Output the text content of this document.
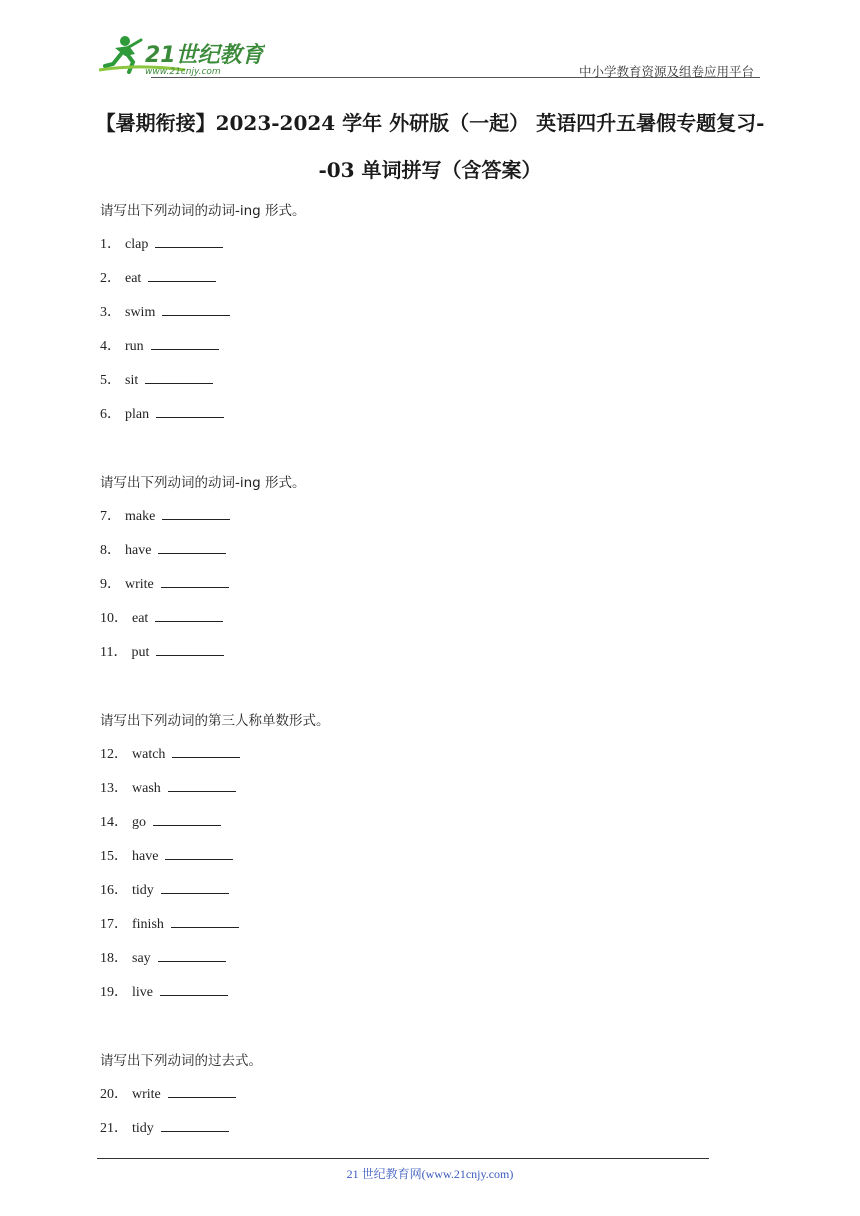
21世纪教育
www.21cnjy.com	中小学教育资源及组卷应用平台
【暑期衔接】2023-2024 学年 外研版（一起） 英语四升五暑假专题复习--03 单词拼写（含答案）
请写出下列动词的动词-ing 形式。
1． clap
2． eat
3． swim
4． run
5． sit
6． plan
请写出下列动词的动词-ing 形式。
7． make
8． have
9． write
10． eat
11． put
请写出下列动词的第三人称单数形式。
12． watch
13． wash
14． go
15． have
16． tidy
17． finish
18． say
19． live
请写出下列动词的过去式。
20． write
21． tidy
21 世纪教育网(www.21cnjy.com)
